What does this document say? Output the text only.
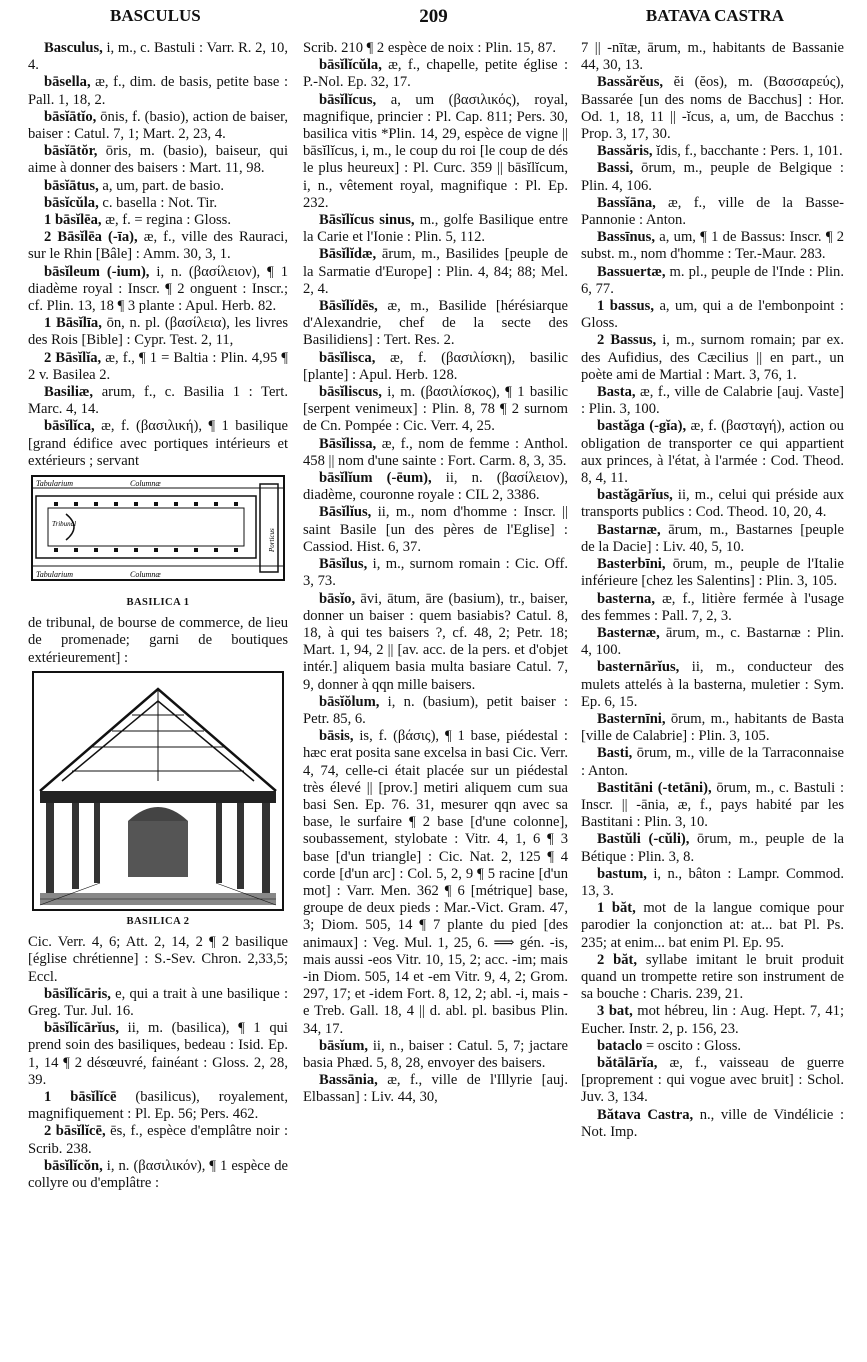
BASCULUS	209	BATAVA CASTRA
Basculus, i, m., c. Bastuli : Varr. R. 2, 10, 4.
bāsella, æ, f., dim. de basis, petite base : Pall. 1, 18, 2.
bāsĭātĭo, ōnis, f. (basio), action de baiser, baiser : Catul. 7, 1; Mart. 2, 23, 4.
bāsĭātŏr, ōris, m. (basio), baiseur, qui aime à donner des baisers : Mart. 11, 98.
bāsĭātus, a, um, part. de basio.
bāsĭcŭla, c. basella : Not. Tir.
1 bāsĭlēa, æ, f. = regina : Gloss.
2 Bāsĭlēa (-īa), æ, f., ville des Rauraci, sur le Rhin [Bâle] : Amm. 30, 3, 1.
bāsĭleum (-ium), i, n. (βασίλειον), ¶ 1 diadème royal : Inscr. ¶ 2 onguent : Inscr.; cf. Plin. 13, 18 ¶ 3 plante : Apul. Herb. 82.
1 Bāsĭlīa, ōn, n. pl. (βασίλεια), les livres des Rois [Bible] : Cypr. Test. 2, 11,
2 Bāsĭlĭa, æ, f., ¶ 1 = Baltia : Plin. 4,95 ¶ 2 v. Basilea 2.
Basiliæ, arum, f., c. Basilia 1 : Tert. Marc. 4, 14.
bāsĭlĭca, æ, f. (βασιλική), ¶ 1 basilique [grand édifice avec portiques intérieurs et extérieurs ; servant
Tabularium	Columnæ
Tribunal
Porticus
Tabularium	Columnæ
BASILICA 1
de tribunal, de bourse de commerce, de lieu de promenade; garni de boutiques extérieurement] :
BASILICA 2
Cic. Verr. 4, 6; Att. 2, 14, 2 ¶ 2 basilique [église chrétienne] : S.-Sev. Chron. 2,33,5; Eccl.
bāsĭlĭcāris, e, qui a trait à une basilique : Greg. Tur. Jul. 16.
bāsĭlĭcārĭus, ii, m. (basilica), ¶ 1 qui prend soin des basiliques, bedeau : Isid. Ep. 1, 14 ¶ 2 désœuvré, fainéant : Gloss. 2, 28, 39.
1 bāsĭlĭcē (basilicus), royalement, magnifiquement : Pl. Ep. 56; Pers. 462.
2 bāsĭlĭcē, ēs, f., espèce d'emplâtre noir : Scrib. 238.
bāsĭlĭcŏn, i, n. (βασιλικόν), ¶ 1 espèce de collyre ou d'emplâtre :
Scrib. 210 ¶ 2 espèce de noix : Plin. 15, 87.
bāsĭlĭcŭla, æ, f., chapelle, petite église : P.-Nol. Ep. 32, 17.
bāsĭlĭcus, a, um (βασιλικός), royal, magnifique, princier : Pl. Cap. 811; Pers. 30, basilica vitis *Plin. 14, 29, espèce de vigne || bāsĭlĭcus, i, m., le coup du roi [le coup de dés le plus heureux] : Pl. Curc. 359 || bāsĭlĭcum, i, n., vêtement royal, magnifique : Pl. Ep. 232.
Bāsĭlĭcus sinus, m., golfe Basilique entre la Carie et l'Ionie : Plin. 5, 112.
Bāsĭlĭdæ, ārum, m., Basilides [peuple de la Sarmatie d'Europe] : Plin. 4, 84; 88; Mel. 2, 4.
Bāsĭlĭdēs, æ, m., Basilide [hérésiarque d'Alexandrie, chef de la secte des Basilidiens] : Tert. Res. 2.
bāsĭlisca, æ, f. (βασιλίσκη), basilic [plante] : Apul. Herb. 128.
bāsĭliscus, i, m. (βασιλίσκος), ¶ 1 basilic [serpent venimeux] : Plin. 8, 78 ¶ 2 surnom de Cn. Pompée : Cic. Verr. 4, 25.
Bāsĭlissa, æ, f., nom de femme : Anthol. 458 || nom d'une sainte : Fort. Carm. 8, 3, 35.
bāsĭlĭum (-ēum), ii, n. (βασίλειον), diadème, couronne royale : CIL 2, 3386.
Bāsĭlĭus, ii, m., nom d'homme : Inscr. || saint Basile [un des pères de l'Eglise] : Cassiod. Hist. 6, 37.
Bāsĭlus, i, m., surnom romain : Cic. Off. 3, 73.
bāsĭo, āvi, ātum, āre (basium), tr., baiser, donner un baiser : quem basiabis? Catul. 8, 18, à qui tes baisers ?, cf. 48, 2; Petr. 18; Mart. 1, 94, 2 || [av. acc. de la pers. et d'objet intér.] aliquem basia multa basiare Catul. 7, 9, donner à qqn mille baisers.
bāsĭŏlum, i, n. (basium), petit baiser : Petr. 85, 6.
bāsis, is, f. (βάσις), ¶ 1 base, piédestal : hæc erat posita sane excelsa in basi Cic. Verr. 4, 74, celle-ci était placée sur un piédestal très élevé || [prov.] metiri aliquem cum sua basi Sen. Ep. 76. 31, mesurer qqn avec sa base, le surfaire ¶ 2 base [d'une colonne], soubassement, stylobate : Vitr. 4, 1, 6 ¶ 3 base [d'un triangle] : Cic. Nat. 2, 125 ¶ 4 corde [d'un arc] : Col. 5, 2, 9 ¶ 5 racine [d'un mot] : Varr. Men. 362 ¶ 6 [métrique] base, groupe de deux pieds : Mar.-Vict. Gram. 47, 3; Diom. 505, 14 ¶ 7 plante du pied [des animaux] : Veg. Mul. 1, 25, 6. ⟹ gén. -is, mais aussi -eos Vitr. 10, 15, 2; acc. -im; mais -in Diom. 505, 14 et -em Vitr. 9, 4, 2; Grom. 297, 17; et -idem Fort. 8, 12, 2; abl. -i, mais -e Treb. Gall. 18, 4 || d. abl. pl. basibus Plin. 34, 17.
bāsĭum, ii, n., baiser : Catul. 5, 7; jactare basia Phæd. 5, 8, 28, envoyer des baisers.
Bassānia, æ, f., ville de l'Illyrie [auj. Elbassan] : Liv. 44, 30,
7 || -nītæ, ārum, m., habitants de Bassanie 44, 30, 13.
Bassărĕus, ĕi (ĕos), m. (Βασσαρεύς), Bassarée [un des noms de Bacchus] : Hor. Od. 1, 18, 11 || -ĭcus, a, um, de Bacchus : Prop. 3, 17, 30.
Bassăris, ĭdis, f., bacchante : Pers. 1, 101.
Bassi, ōrum, m., peuple de Belgique : Plin. 4, 106.
Bassĭāna, æ, f., ville de la Basse-Pannonie : Anton.
Bassīnus, a, um, ¶ 1 de Bassus: Inscr. ¶ 2 subst. m., nom d'homme : Ter.-Maur. 283.
Bassuertæ, m. pl., peuple de l'Inde : Plin. 6, 77.
1 bassus, a, um, qui a de l'embonpoint : Gloss.
2 Bassus, i, m., surnom romain; par ex. des Aufidius, des Cæcilius || en part., un poète ami de Martial : Mart. 3, 76, 1.
Basta, æ, f., ville de Calabrie [auj. Vaste] : Plin. 3, 100.
bastăga (-gĭa), æ, f. (βασταγή), action ou obligation de transporter ce qui appartient aux princes, à l'état, à l'armée : Cod. Theod. 8, 4, 11.
bastăgārĭus, ii, m., celui qui préside aux transports publics : Cod. Theod. 10, 20, 4.
Bastarnæ, ārum, m., Bastarnes [peuple de la Dacie] : Liv. 40, 5, 10.
Basterbīni, ōrum, m., peuple de l'Italie inférieure [chez les Salentins] : Plin. 3, 105.
basterna, æ, f., litière fermée à l'usage des femmes : Pall. 7, 2, 3.
Basternæ, ārum, m., c. Bastarnæ : Plin. 4, 100.
basternārĭus, ii, m., conducteur des mulets attelés à la basterna, muletier : Sym. Ep. 6, 15.
Basternīni, ōrum, m., habitants de Basta [ville de Calabrie] : Plin. 3, 105.
Basti, ōrum, m., ville de la Tarraconnaise : Anton.
Bastitāni (-tetāni), ōrum, m., c. Bastuli : Inscr. || -ānia, æ, f., pays habité par les Bastitani : Plin. 3, 10.
Bastŭli (-cŭli), ōrum, m., peuple de la Bétique : Plin. 3, 8.
bastum, i, n., bâton : Lampr. Commod. 13, 3.
1 băt, mot de la langue comique pour parodier la conjonction at: at... bat Pl. Ps. 235; at enim... bat enim Pl. Ep. 95.
2 băt, syllabe imitant le bruit produit quand un trompette retire son instrument de sa bouche : Charis. 239, 21.
3 bat, mot hébreu, lin : Aug. Hept. 7, 41; Eucher. Instr. 2, p. 156, 23.
bataclo = oscito : Gloss.
bătālārĭa, æ, f., vaisseau de guerre [proprement : qui vogue avec bruit] : Schol. Juv. 3, 134.
Bătava Castra, n., ville de Vindélicie : Not. Imp.
